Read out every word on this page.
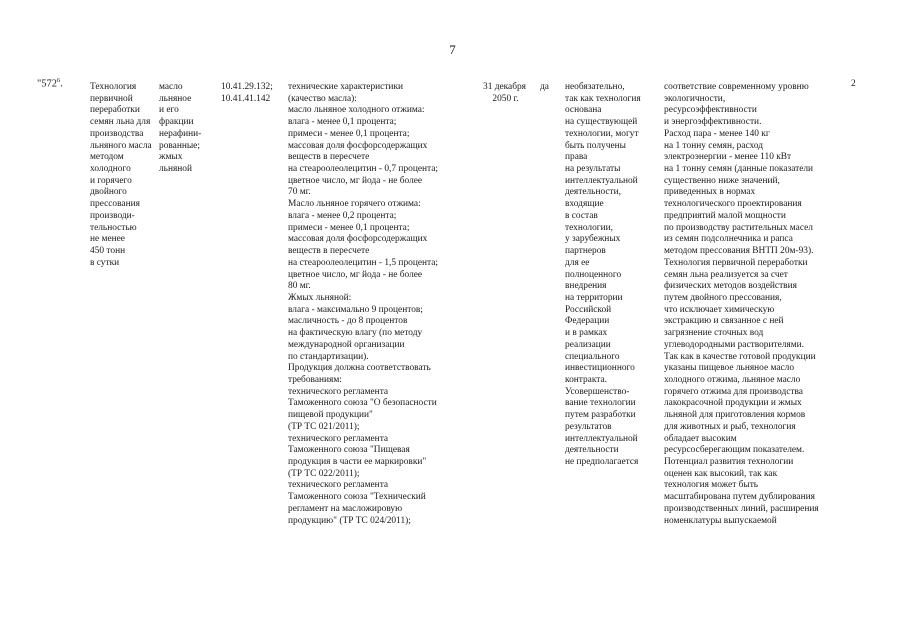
7
"$572^6$.	Технология
первичной
переработки
семян льна для
производства
льняного масла
методом
холодного
и горячего
двойного
прессования
производи-
тельностью
не менее
450 тонн
в сутки
масло
льняное
и его
фракции
нерафини-
рованные;
жмых
льняной
10.41.29.132;
10.41.41.142
технические характеристики
(качество масла):
масло льняное холодного отжима:
влага - менее 0,1 процента;
примеси - менее 0,1 процента;
массовая доля фосфорсодержащих
веществ в пересчете
на стеароолеолецитин - 0,7 процента;
цветное число, мг йода - не более
70 мг.
Масло льняное горячего отжима:
влага - менее 0,2 процента;
примеси - менее 0,1 процента;
массовая доля фосфорсодержащих
веществ в пересчете
на стеароолеолецитин - 1,5 процента;
цветное число, мг йода - не более
80 мг.
Жмых льняной:
влага - максимально 9 процентов;
масличность - до 8 процентов
на фактическую влагу (по методу
международной организации
по стандартизации).
Продукция должна соответствовать
требованиям:
технического регламента
Таможенного союза "О безопасности
пищевой продукции"
(ТР ТС 021/2011);
технического регламента
Таможенного союза "Пищевая
продукция в части ее маркировки"
(ТР ТС 022/2011);
технического регламента
Таможенного союза "Технический
регламент на масложировую
продукцию" (ТР ТС 024/2011);
31 декабря
2050 г.
да необязательно,
так как технология
основана
на существующей
технологии, могут
быть получены
права
на результаты
интеллектуальной
деятельности,
входящие
в состав
технологии,
у зарубежных
партнеров
для ее
полноценного
внедрения
на территории
Российской
Федерации
и в рамках
реализации
специального
инвестиционного
контракта.
Усовершенство-
вание технологии
путем разработки
результатов
интеллектуальной
деятельности
не предполагается
соответствие современному уровню
экологичности,
ресурсоэффективности
и энергоэффективности.
Расход пара - менее 140 кг
на 1 тонну семян, расход
электроэнергии - менее 110 кВт
на 1 тонну семян (данные показатели
существенно ниже значений,
приведенных в нормах
технологического проектирования
предприятий малой мощности
по производству растительных масел
из семян подсолнечника и рапса
методом прессования ВНТП 20м-93).
Технология первичной переработки
семян льна реализуется за счет
физических методов воздействия
путем двойного прессования,
что исключает химическую
экстракцию и связанное с ней
загрязнение сточных вод
углеводородными растворителями.
Так как в качестве готовой продукции
указаны пищевое льняное масло
холодного отжима, льняное масло
горячего отжима для производства
лакокрасочной продукции и жмых
льняной для приготовления кормов
для животных и рыб, технология
обладает высоким
ресурсосберегающим показателем.
Потенциал развития технологии
оценен как высокий, так как
технология может быть
масштабирована путем дублирования
производственных линий, расширения
номенклатуры выпускаемой
2
